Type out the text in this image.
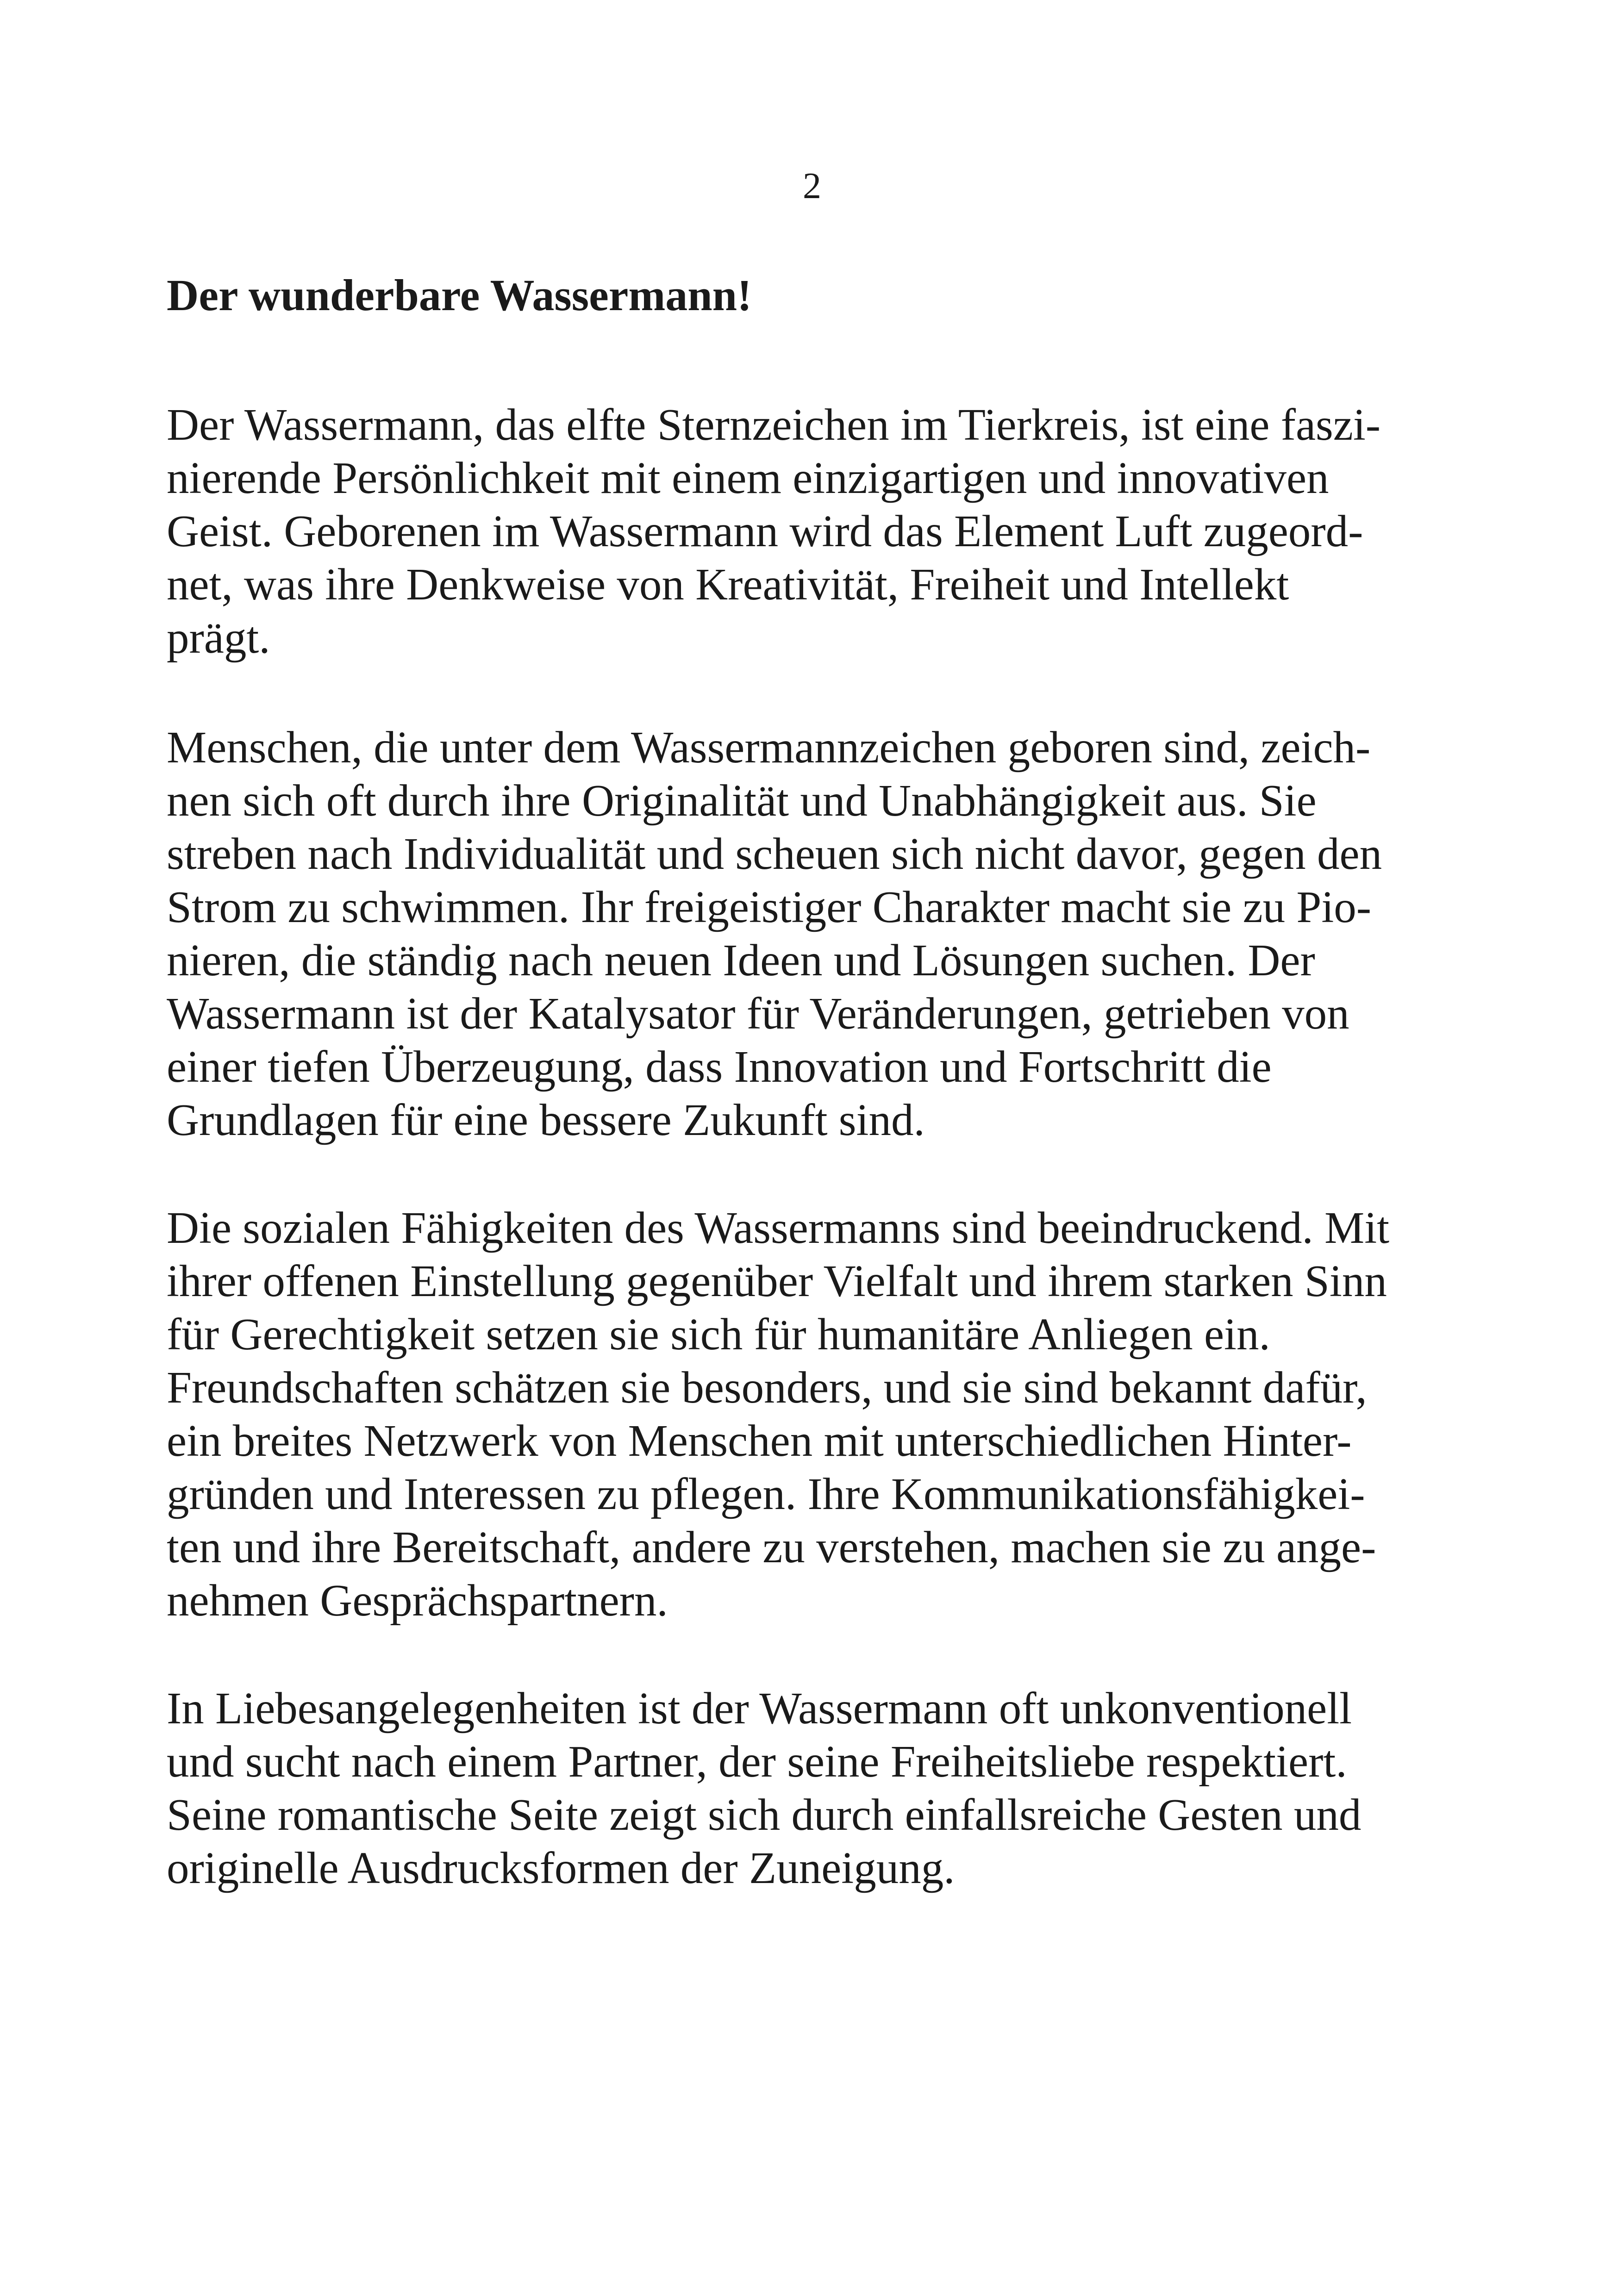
2
Der wunderbare Wassermann!

Der Wassermann, das elfte Sternzeichen im Tierkreis, ist eine faszi-
nierende Persönlichkeit mit einem einzigartigen und innovativen
Geist. Geborenen im Wassermann wird das Element Luft zugeord-
net, was ihre Denkweise von Kreativität, Freiheit und Intellekt
prägt.

Menschen, die unter dem Wassermannzeichen geboren sind, zeich-
nen sich oft durch ihre Originalität und Unabhängigkeit aus. Sie
streben nach Individualität und scheuen sich nicht davor, gegen den
Strom zu schwimmen. Ihr freigeistiger Charakter macht sie zu Pio-
nieren, die ständig nach neuen Ideen und Lösungen suchen. Der
Wassermann ist der Katalysator für Veränderungen, getrieben von
einer tiefen Überzeugung, dass Innovation und Fortschritt die
Grundlagen für eine bessere Zukunft sind.

Die sozialen Fähigkeiten des Wassermanns sind beeindruckend. Mit
ihrer offenen Einstellung gegenüber Vielfalt und ihrem starken Sinn
für Gerechtigkeit setzen sie sich für humanitäre Anliegen ein.
Freundschaften schätzen sie besonders, und sie sind bekannt dafür,
ein breites Netzwerk von Menschen mit unterschiedlichen Hinter-
gründen und Interessen zu pflegen. Ihre Kommunikationsfähigkei-
ten und ihre Bereitschaft, andere zu verstehen, machen sie zu ange-
nehmen Gesprächspartnern.

In Liebesangelegenheiten ist der Wassermann oft unkonventionell
und sucht nach einem Partner, der seine Freiheitsliebe respektiert.
Seine romantische Seite zeigt sich durch einfallsreiche Gesten und
originelle Ausdrucksformen der Zuneigung.
